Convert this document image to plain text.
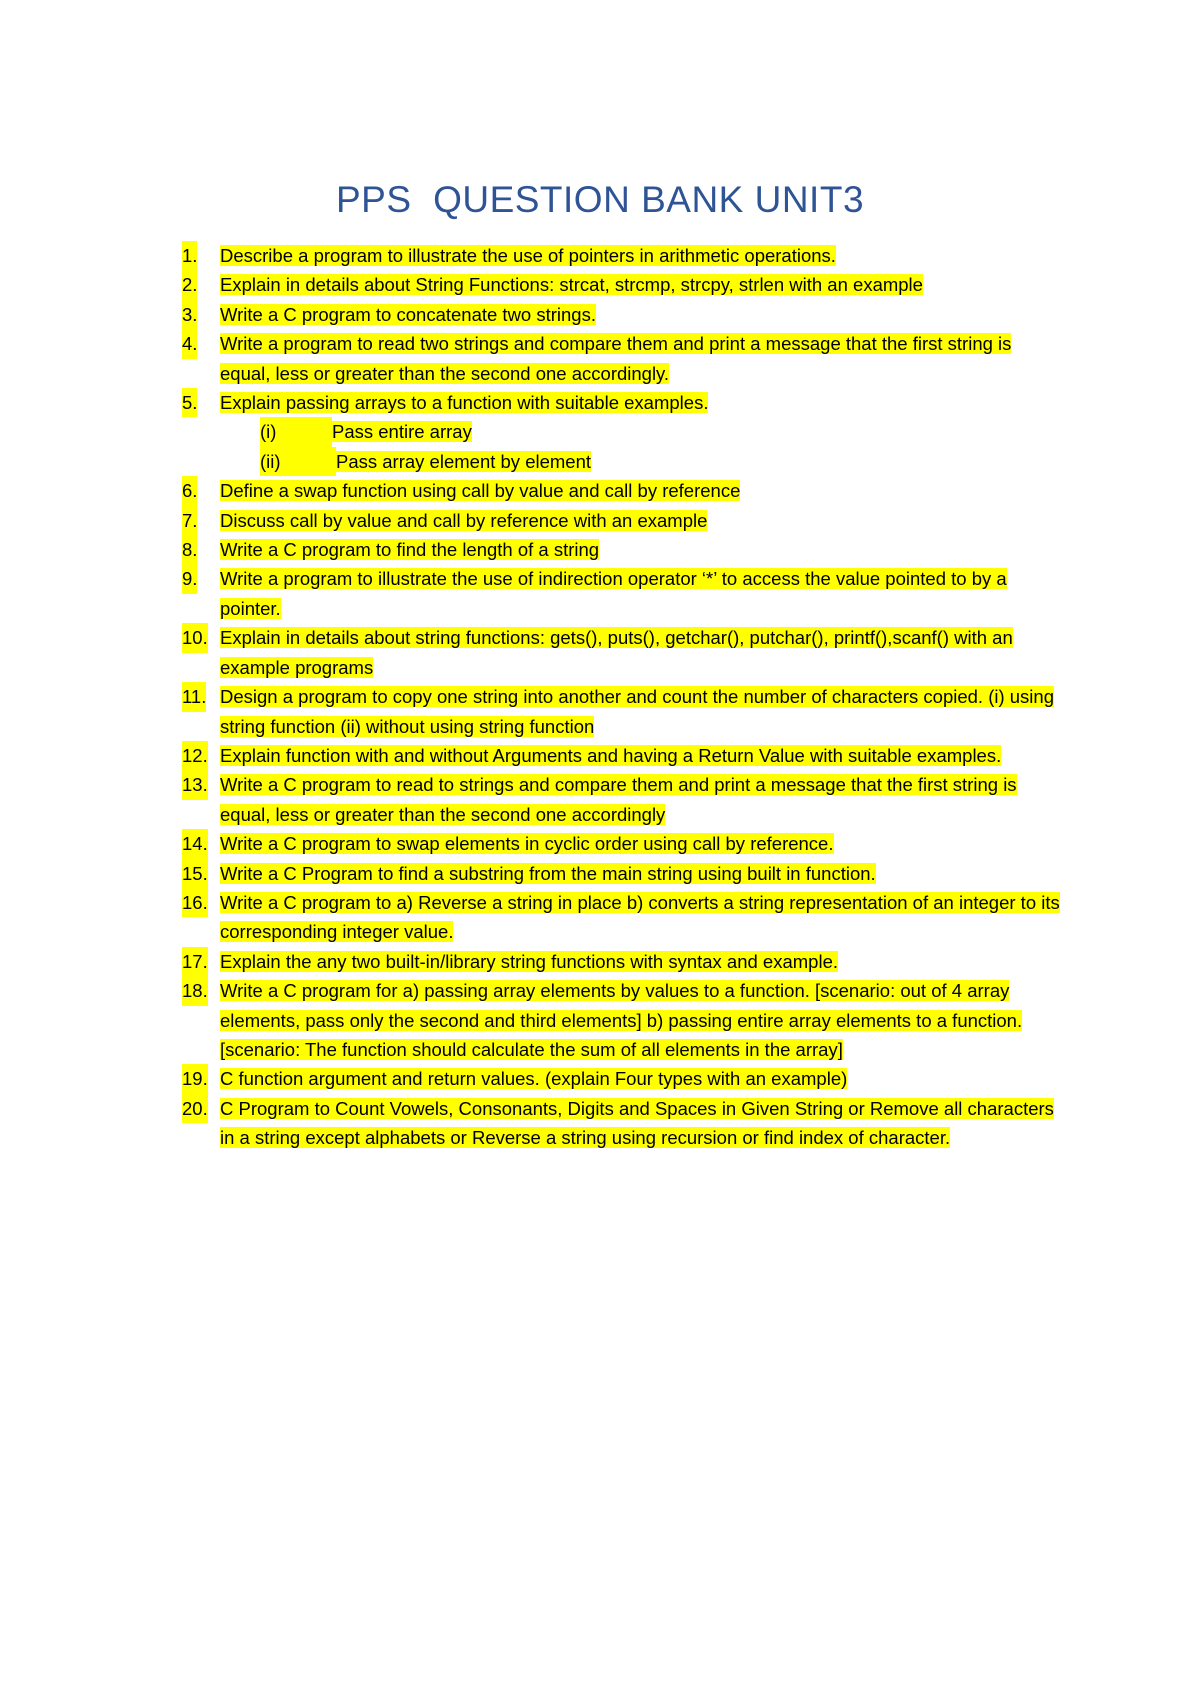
PPS  QUESTION BANK UNIT3
1. Describe a program to illustrate the use of pointers in arithmetic operations.
2. Explain in details about String Functions: strcat, strcmp, strcpy, strlen with an example
3. Write a C program to concatenate two strings.
4. Write a program to read two strings and compare them and print a message that the first string is equal, less or greater than the second one accordingly.
5. Explain passing arrays to a function with suitable examples.
(i)	Pass entire array
(ii)	Pass array element by element
6. Define a swap function using call by value and call by reference
7. Discuss call by value and call by reference with an example
8. Write a C program to find the length of a string
9. Write a program to illustrate the use of indirection operator ‘*’ to access the value pointed to by a pointer.
10. Explain in details about string functions: gets(), puts(), getchar(), putchar(), printf(),scanf() with an example programs
11. Design a program to copy one string into another and count the number of characters copied. (i) using string function (ii) without using string function
12. Explain function with and without Arguments and having a Return Value with suitable examples.
13. Write a C program to read to strings and compare them and print a message that the first string is equal, less or greater than the second one accordingly
14. Write a C program to swap elements in cyclic order using call by reference.
15. Write a C Program to find a substring from the main string using built in function.
16. Write a C program to a) Reverse a string in place b) converts a string representation of an integer to its corresponding integer value.
17. Explain the any two built-in/library string functions with syntax and example.
18. Write a C program for a) passing array elements by values to a function. [scenario: out of 4 array elements, pass only the second and third elements] b) passing entire array elements to a function. [scenario: The function should calculate the sum of all elements in the array]
19. C function argument and return values. (explain Four types with an example)
20. C Program to Count Vowels, Consonants, Digits and Spaces in Given String or Remove all characters in a string except alphabets or Reverse a string using recursion or find index of character.
